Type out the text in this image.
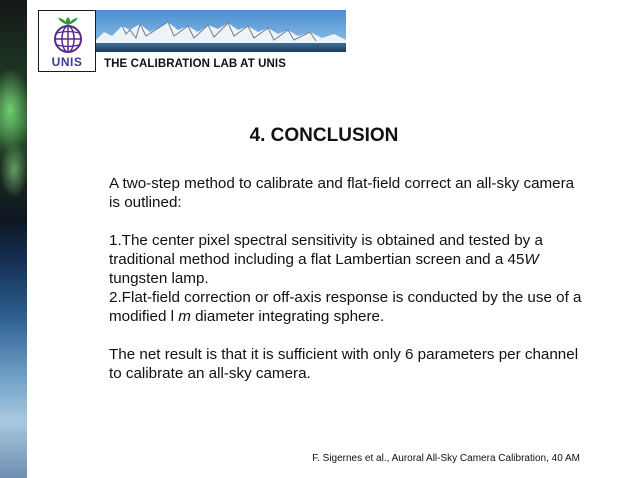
UNIS	THE CALIBRATION LAB AT UNIS
4. CONCLUSION

A two-step method to calibrate and flat-field correct an all-sky camera is outlined:

1.The center pixel spectral sensitivity is obtained and tested by a traditional method including a flat Lambertian screen and a 45W tungsten lamp.

2.Flat-field correction or off-axis response is conducted by the use of a modified l m diameter integrating sphere.

The net result is that it is sufficient with only 6 parameters per channel to calibrate an all-sky camera.

F. Sigernes et al., Auroral All-Sky Camera Calibration, 40 AM
